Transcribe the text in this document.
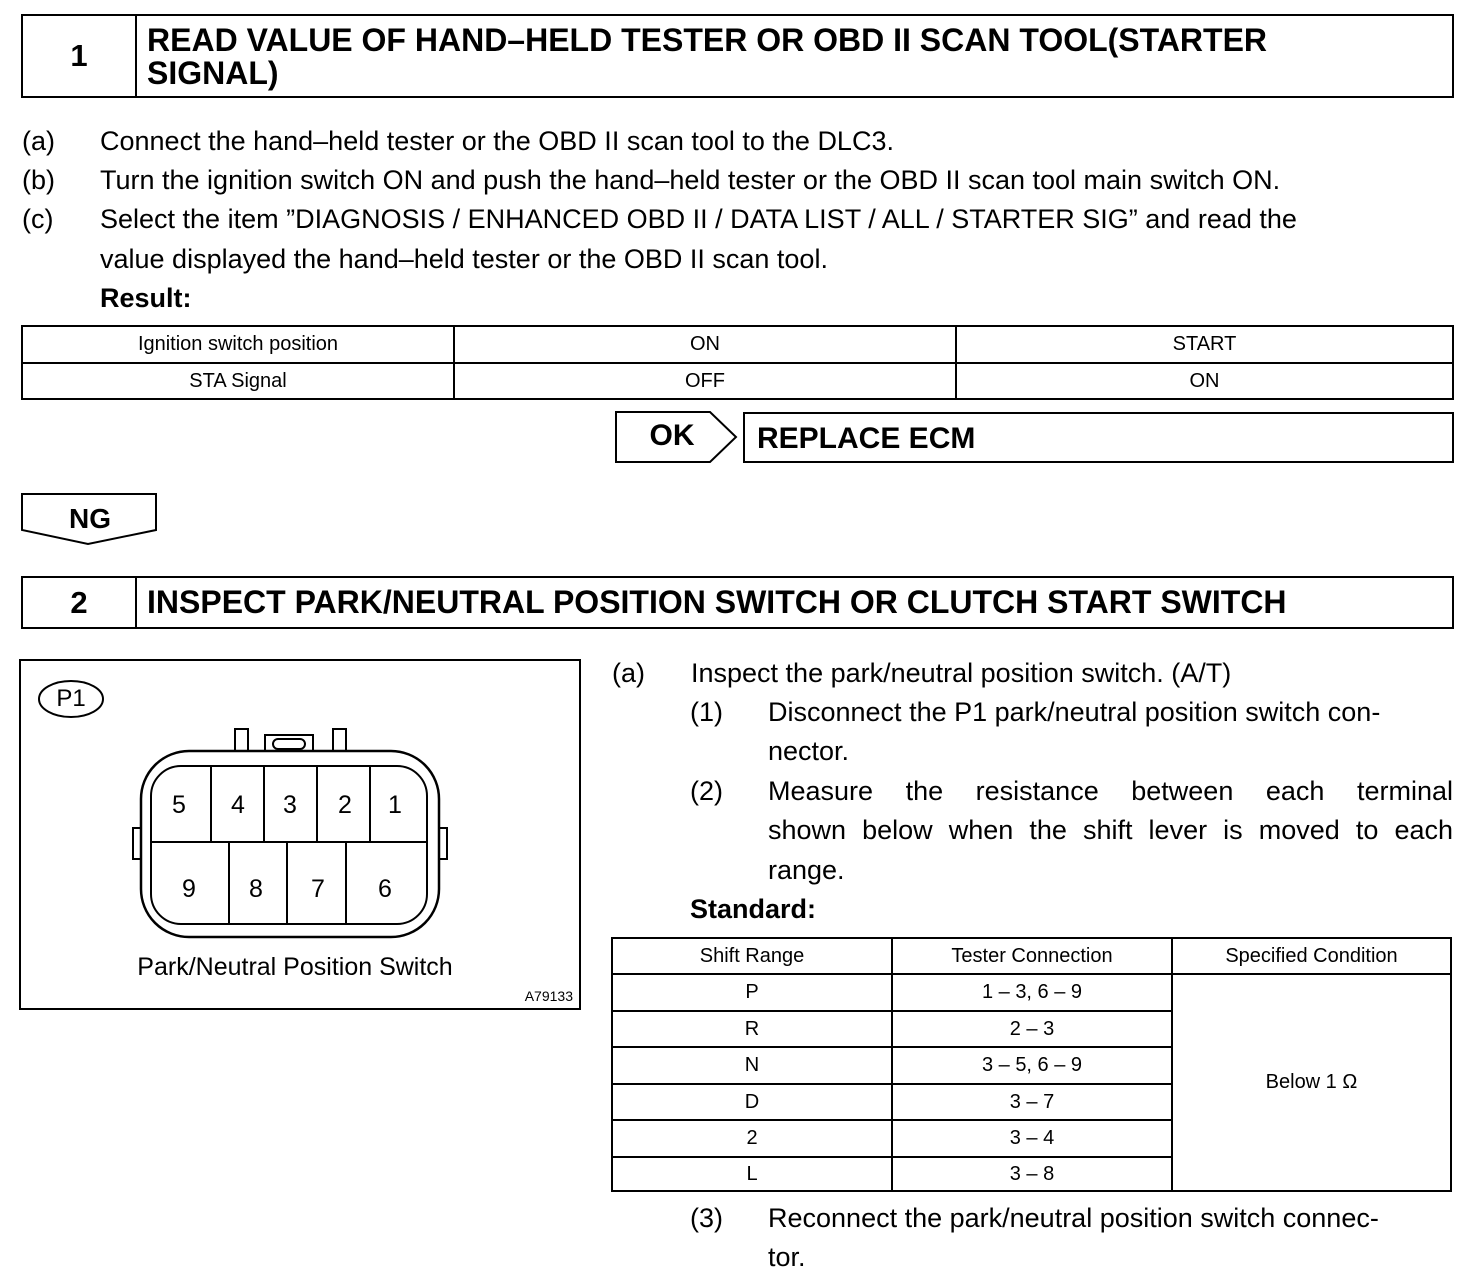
1	READ VALUE OF HAND–HELD TESTER OR OBD II SCAN TOOL(STARTER
SIGNAL)
(a) Connect the hand–held tester or the OBD II scan tool to the DLC3.
(b) Turn the ignition switch ON and push the hand–held tester or the OBD II scan tool main switch ON.
(c) Select the item ”DIAGNOSIS / ENHANCED OBD II / DATA LIST / ALL / STARTER SIG” and read the
value displayed the hand–held tester or the OBD II scan tool.
Result:
Ignition switch position	ON	START
STA Signal	OFF	ON
OK	REPLACE ECM
NG
2	INSPECT PARK/NEUTRAL POSITION SWITCH OR CLUTCH START SWITCH
P1
5	4	3	2	1
9	8	7	6
Park/Neutral Position Switch
A79133
(a) Inspect the park/neutral position switch. (A/T)
(1) Disconnect the P1 park/neutral position switch con-
nector.
(2) Measure the resistance between each terminal
shown below when the shift lever is moved to each
range.
Standard:
Shift Range	Tester Connection	Specified Condition
P	1 – 3, 6 – 9	Below 1 Ω
R	2 – 3	
N	3 – 5, 6 – 9	
D	3 – 7	
2	3 – 4	
L	3 – 8	
(3) Reconnect the park/neutral position switch connec-
tor.
